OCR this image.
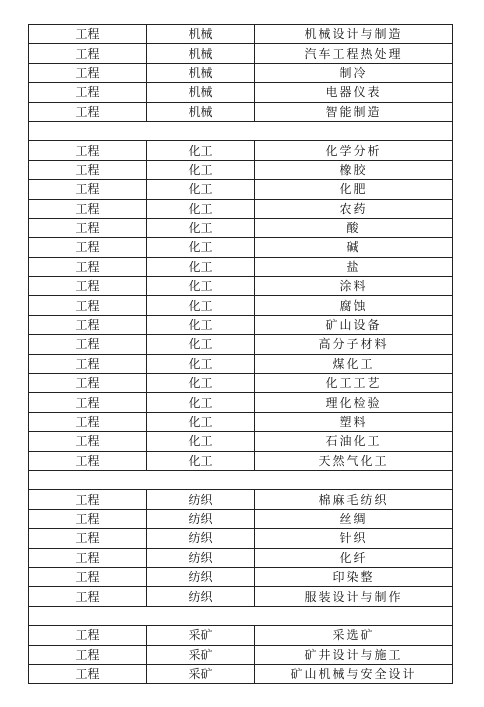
工程	机械	机械设计与制造
工程	机械	汽车工程热处理
工程	机械	制冷
工程	机械	电器仪表
工程	机械	智能制造

工程	化工	化学分析
工程	化工	橡胶
工程	化工	化肥
工程	化工	农药
工程	化工	酸
工程	化工	碱
工程	化工	盐
工程	化工	涂料
工程	化工	腐蚀
工程	化工	矿山设备
工程	化工	高分子材料
工程	化工	煤化工
工程	化工	化工工艺
工程	化工	理化检验
工程	化工	塑料
工程	化工	石油化工
工程	化工	天然气化工

工程	纺织	棉麻毛纺织
工程	纺织	丝绸
工程	纺织	针织
工程	纺织	化纤
工程	纺织	印染整
工程	纺织	服装设计与制作

工程	采矿	采选矿
工程	采矿	矿井设计与施工
工程	采矿	矿山机械与安全设计
